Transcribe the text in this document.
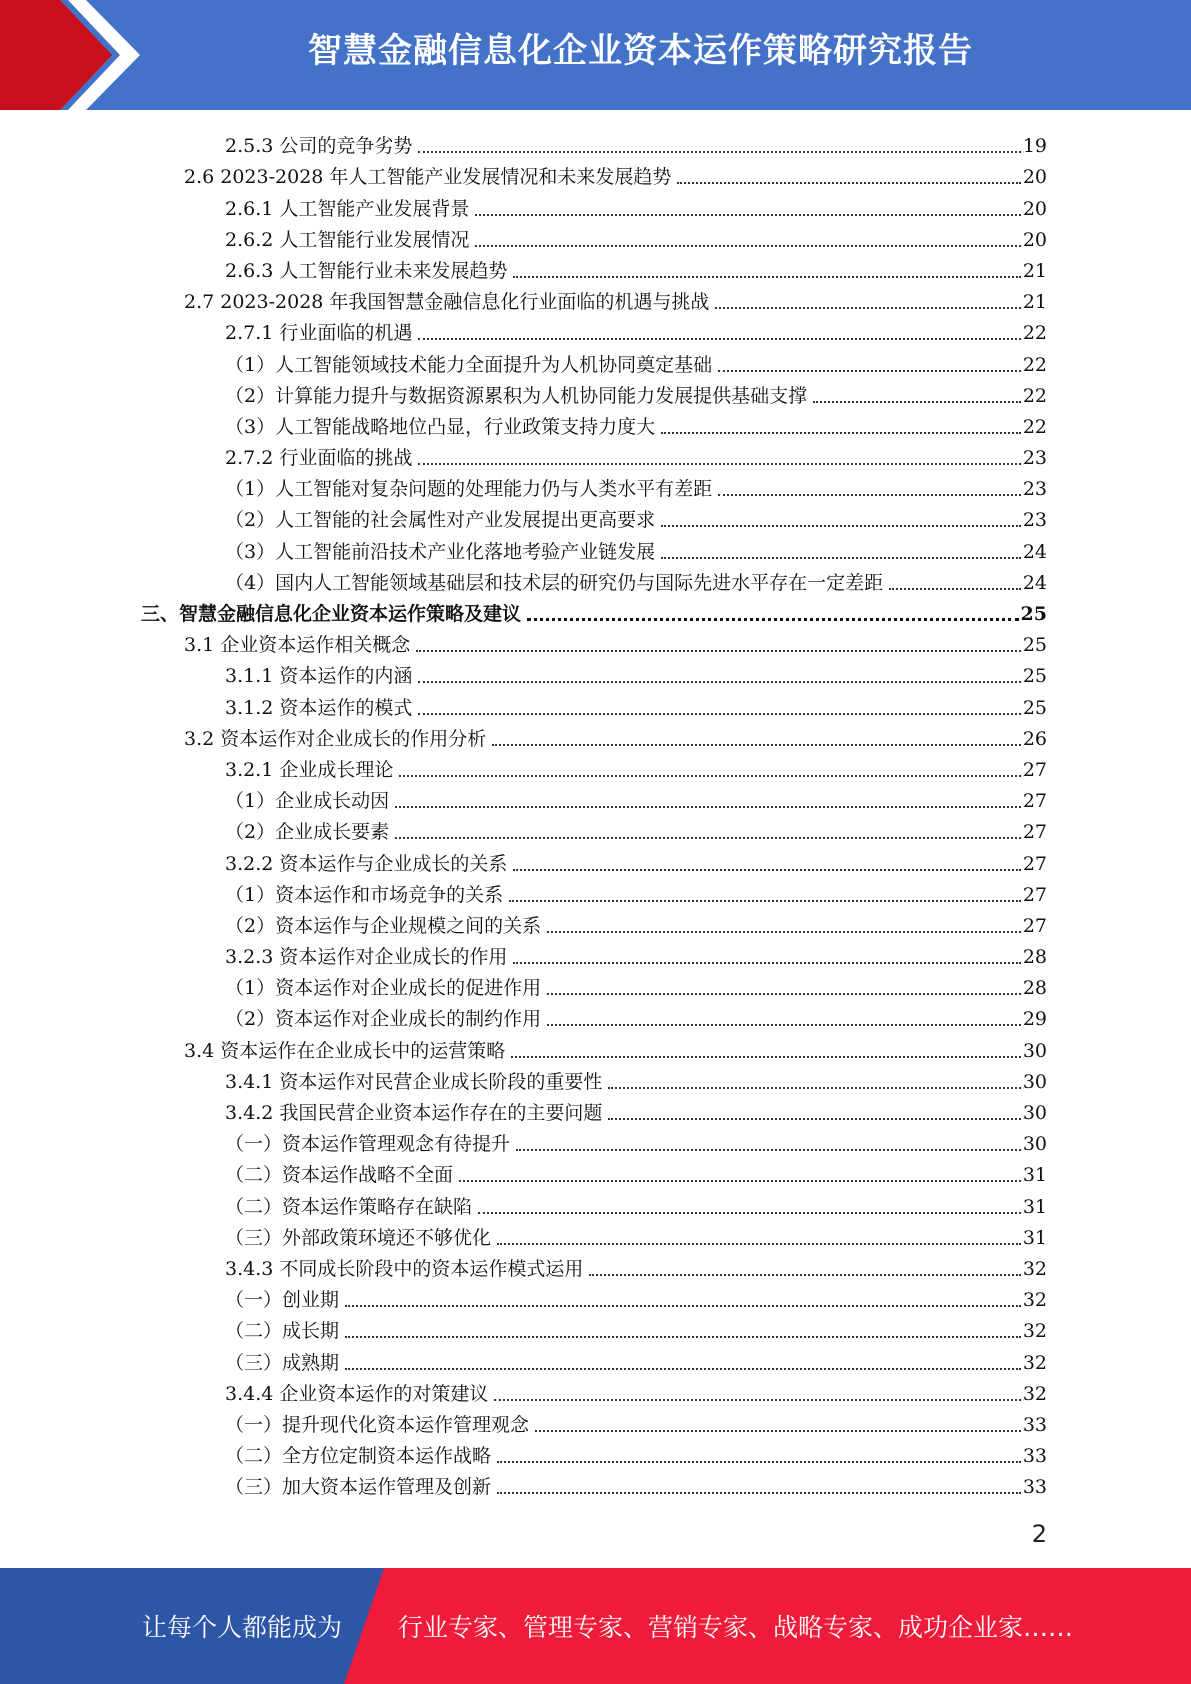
智慧金融信息化企业资本运作策略研究报告
2.5.3 公司的竞争劣势	19
2.6 2023-2028 年人工智能产业发展情况和未来发展趋势	20
2.6.1 人工智能产业发展背景	20
2.6.2 人工智能行业发展情况	20
2.6.3 人工智能行业未来发展趋势	21
2.7 2023-2028 年我国智慧金融信息化行业面临的机遇与挑战	21
2.7.1 行业面临的机遇	22
（1）人工智能领域技术能力全面提升为人机协同奠定基础	22
（2）计算能力提升与数据资源累积为人机协同能力发展提供基础支撑	22
（3）人工智能战略地位凸显，行业政策支持力度大	22
2.7.2 行业面临的挑战	23
（1）人工智能对复杂问题的处理能力仍与人类水平有差距	23
（2）人工智能的社会属性对产业发展提出更高要求	23
（3）人工智能前沿技术产业化落地考验产业链发展	24
（4）国内人工智能领域基础层和技术层的研究仍与国际先进水平存在一定差距	24
三、智慧金融信息化企业资本运作策略及建议	25
3.1 企业资本运作相关概念	25
3.1.1 资本运作的内涵	25
3.1.2 资本运作的模式	25
3.2 资本运作对企业成长的作用分析	26
3.2.1 企业成长理论	27
（1）企业成长动因	27
（2）企业成长要素	27
3.2.2 资本运作与企业成长的关系	27
（1）资本运作和市场竞争的关系	27
（2）资本运作与企业规模之间的关系	27
3.2.3 资本运作对企业成长的作用	28
（1）资本运作对企业成长的促进作用	28
（2）资本运作对企业成长的制约作用	29
3.4 资本运作在企业成长中的运营策略	30
3.4.1 资本运作对民营企业成长阶段的重要性	30
3.4.2 我国民营企业资本运作存在的主要问题	30
（一）资本运作管理观念有待提升	30
（二）资本运作战略不全面	31
（二）资本运作策略存在缺陷	31
（三）外部政策环境还不够优化	31
3.4.3 不同成长阶段中的资本运作模式运用	32
（一）创业期	32
（二）成长期	32
（三）成熟期	32
3.4.4 企业资本运作的对策建议	32
（一）提升现代化资本运作管理观念	33
（二）全方位定制资本运作战略	33
（三）加大资本运作管理及创新	33
2
让每个人都能成为 行业专家、管理专家、营销专家、战略专家、成功企业家……
